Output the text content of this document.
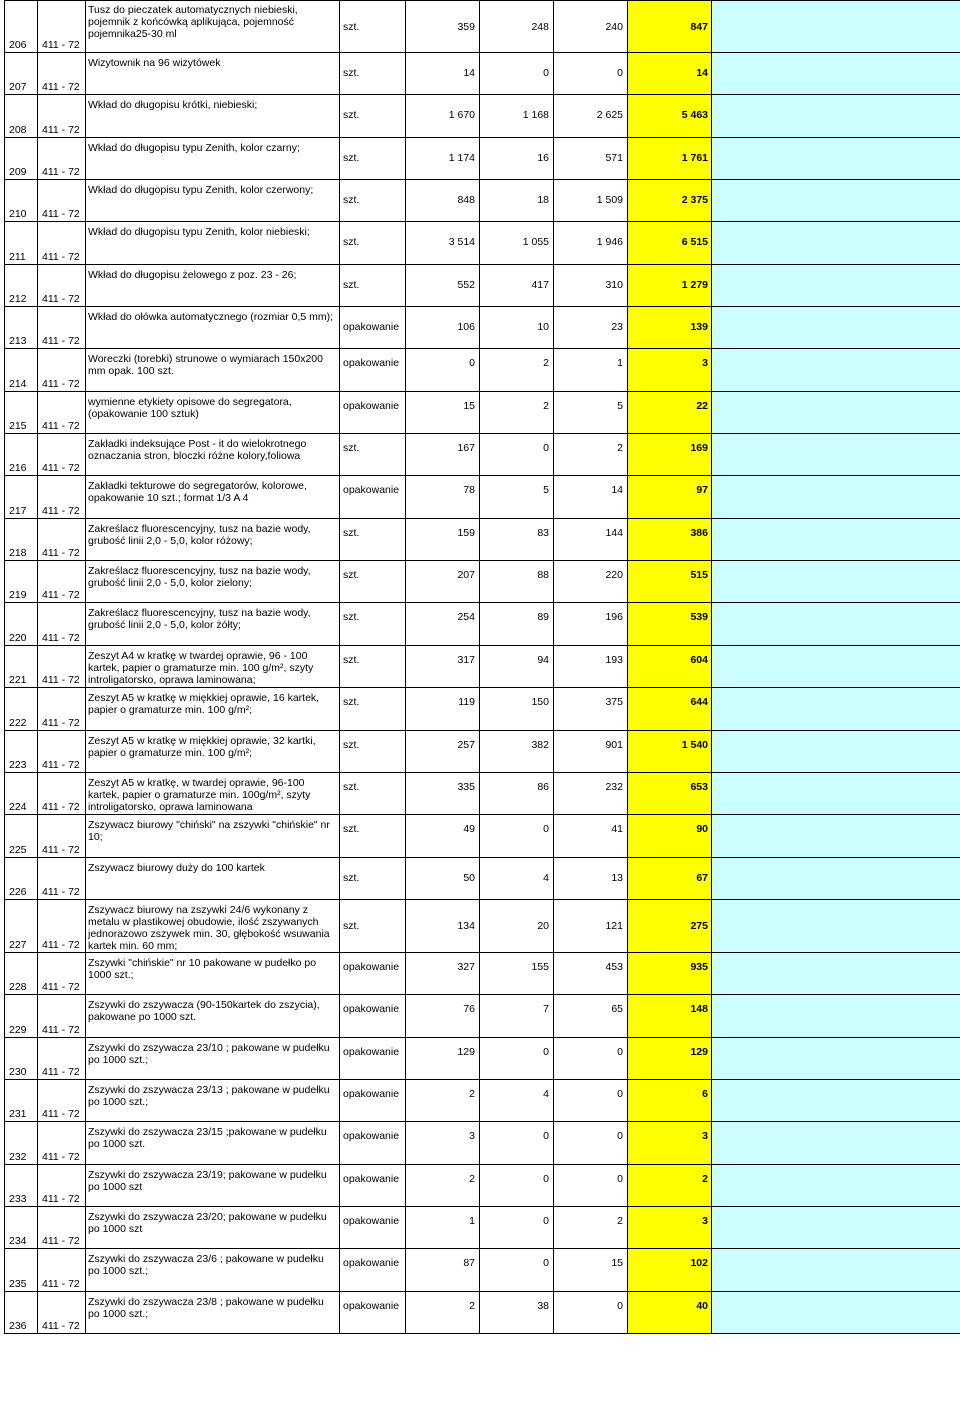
206	411 - 72	Tusz do pieczatek automatycznych niebieski, pojemnik z końcówką aplikująca, pojemność pojemnika25-30 ml	szt.	359	248	240	847	
207	411 - 72	Wizytownik na 96 wizytówek	szt.	14	0	0	14	
208	411 - 72	Wkład do długopisu krótki, niebieski;	szt.	1 670	1 168	2 625	5 463	
209	411 - 72	Wkład do długopisu typu Zenith, kolor czarny;	szt.	1 174	16	571	1 761	
210	411 - 72	Wkład do długopisu typu Zenith, kolor czerwony;	szt.	848	18	1 509	2 375	
211	411 - 72	Wkład do długopisu typu Zenith, kolor niebieski;	szt.	3 514	1 055	1 946	6 515	
212	411 - 72	Wkład do długopisu żelowego z poz. 23 - 26;	szt.	552	417	310	1 279	
213	411 - 72	Wkład do ołówka automatycznego (rozmiar 0,5 mm);	opakowanie	106	10	23	139	
214	411 - 72	Woreczki (torebki) strunowe o wymiarach 150x200 mm opak. 100 szt.	opakowanie	0	2	1	3	
215	411 - 72	wymienne etykiety opisowe do segregatora, (opakowanie 100 sztuk)	opakowanie	15	2	5	22	
216	411 - 72	Zakładki indeksujące Post - it do wielokrotnego oznaczania stron, bloczki różne kolory,foliowa	szt.	167	0	2	169	
217	411 - 72	Zakładki tekturowe do segregatorów, kolorowe, opakowanie 10 szt.; format 1/3 A 4	opakowanie	78	5	14	97	
218	411 - 72	Zakreślacz fluorescencyjny, tusz na bazie wody, grubość linii 2,0 - 5,0, kolor różowy;	szt.	159	83	144	386	
219	411 - 72	Zakreślacz fluorescencyjny, tusz na bazie wody, grubość linii 2,0 - 5,0, kolor zielony;	szt.	207	88	220	515	
220	411 - 72	Zakreślacz fluorescencyjny, tusz na bazie wody, grubość linii 2,0 - 5,0, kolor żółty;	szt.	254	89	196	539	
221	411 - 72	Zeszyt A4 w kratkę w twardej oprawie, 96 - 100 kartek, papier o gramaturze min. 100 g/m², szyty introligatorsko, oprawa laminowana;	szt.	317	94	193	604	
222	411 - 72	Zeszyt A5 w kratkę w miękkiej oprawie, 16 kartek, papier o gramaturze min. 100 g/m²;	szt.	119	150	375	644	
223	411 - 72	Zeszyt A5 w kratkę w miękkiej oprawie, 32 kartki, papier o gramaturze min. 100 g/m²;	szt.	257	382	901	1 540	
224	411 - 72	Zeszyt A5 w kratkę, w twardej oprawie, 96-100 kartek, papier o gramaturze min. 100g/m², szyty introligatorsko, oprawa laminowana	szt.	335	86	232	653	
225	411 - 72	Zszywacz biurowy "chiński" na zszywki "chińskie" nr 10;	szt.	49	0	41	90	
226	411 - 72	Zszywacz biurowy duży do 100 kartek	szt.	50	4	13	67	
227	411 - 72	Zszywacz biurowy na zszywki 24/6 wykonany z metalu w plastikowej obudowie, ilość zszywanych jednorazowo zszywek min. 30, głębokość wsuwania kartek min. 60 mm;	szt.	134	20	121	275	
228	411 - 72	Zszywki "chińskie" nr 10 pakowane w pudełko po 1000 szt.;	opakowanie	327	155	453	935	
229	411 - 72	Zszywki do zszywacza (90-150kartek do zszycia), pakowane po 1000 szt.	opakowanie	76	7	65	148	
230	411 - 72	Zszywki do zszywacza 23/10 ; pakowane w pudełku po 1000 szt.;	opakowanie	129	0	0	129	
231	411 - 72	Zszywki do zszywacza 23/13 ; pakowane w pudełku po 1000 szt.;	opakowanie	2	4	0	6	
232	411 - 72	Zszywki do zszywacza 23/15 ;pakowane w pudełku po 1000 szt.	opakowanie	3	0	0	3	
233	411 - 72	Zszywki do zszywacza 23/19; pakowane w pudełku po 1000 szt	opakowanie	2	0	0	2	
234	411 - 72	Zszywki do zszywacza 23/20; pakowane w pudełku po 1000 szt	opakowanie	1	0	2	3	
235	411 - 72	Zszywki do zszywacza 23/6 ; pakowane w pudełku po 1000 szt.;	opakowanie	87	0	15	102	
236	411 - 72	Zszywki do zszywacza 23/8 ; pakowane w pudełku po 1000 szt.;	opakowanie	2	38	0	40	
